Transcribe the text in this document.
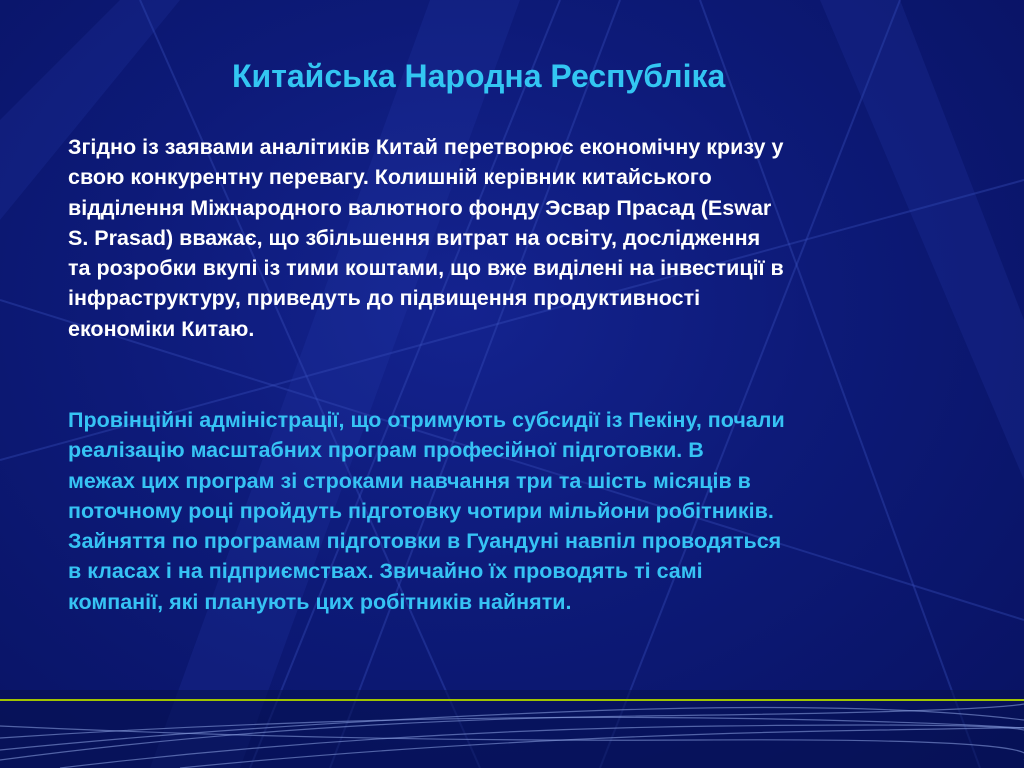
Китайська Народна Республіка
Згідно із заявами аналітиків Китай перетворює економічну кризу у
свою конкурентну перевагу. Колишній керівник китайського
відділення Міжнародного валютного фонду Эсвар Прасад (Eswar
S. Prasad) вважає, що збільшення витрат на освіту, дослідження
та розробки вкупі із тими коштами, що вже виділені на інвестиції в
інфраструктуру, приведуть до підвищення продуктивності
економіки Китаю.
Провінційні адміністрації, що отримують субсидії із Пекіну, почали
реалізацію масштабних програм професійної підготовки. В
межах цих програм зі строками навчання три та шість місяців в
поточному році пройдуть підготовку чотири мільйони робітників.
Зайняття по програмам підготовки в Гуандуні навпіл проводяться
в класах і на підприємствах. Звичайно їх проводять ті самі
компанії, які планують цих робітників найняти.
